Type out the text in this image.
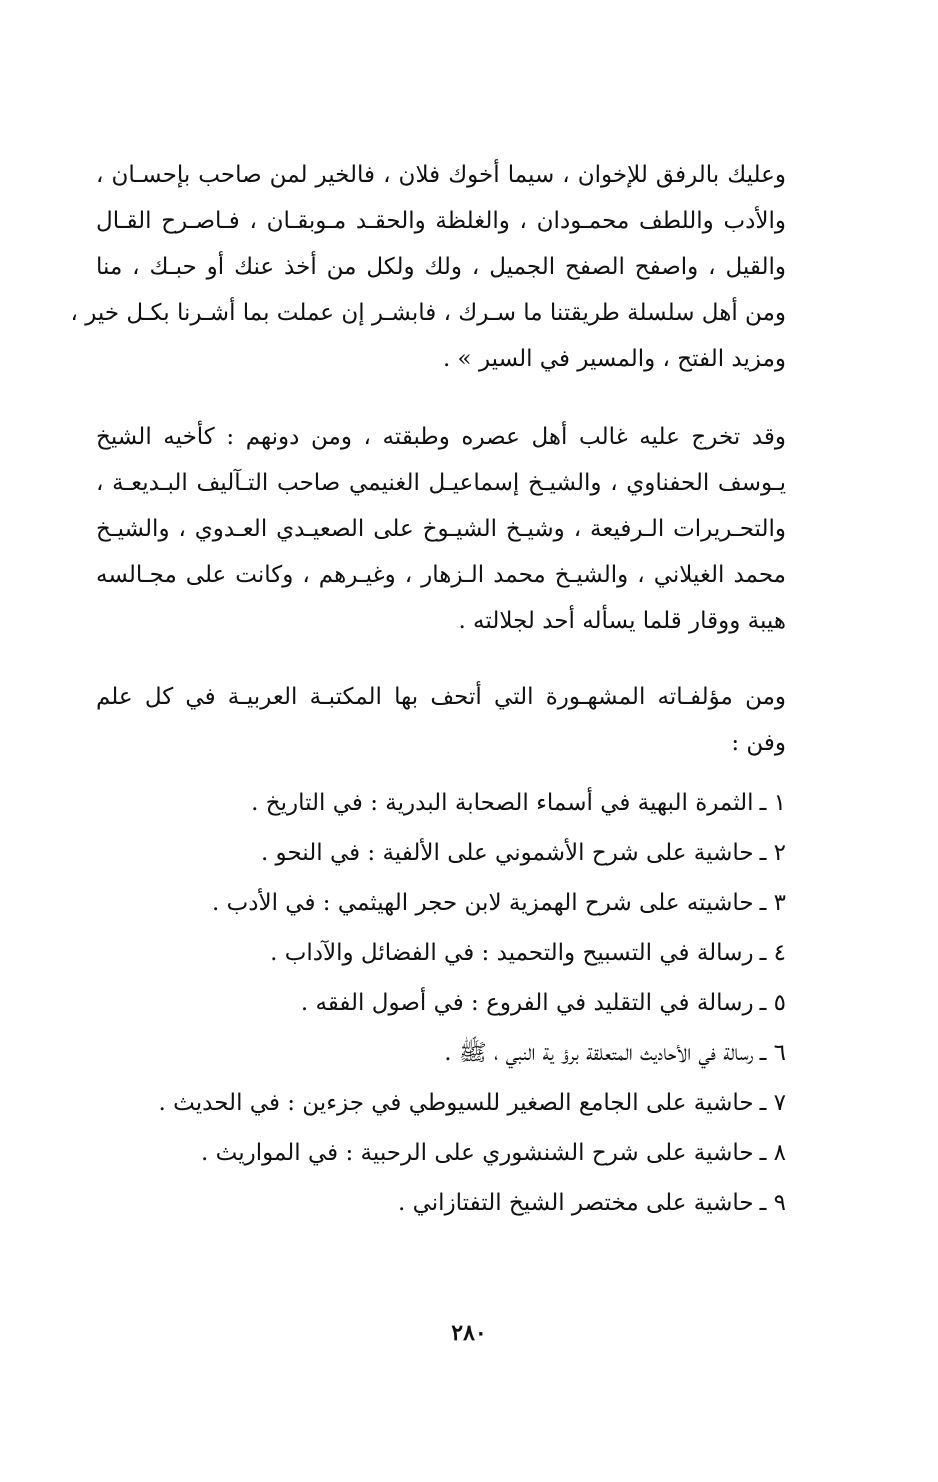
وعليك بالرفق للإخوان ، سيما أخوك فلان ، فالخير لمن صاحب بإحسـان ،
والأدب واللطف محمـودان ، والغلظة والحقـد مـوبقـان ، فـاصـرح القـال
والقيل ، واصفح الصفح الجميل ، ولك ولكل من أخذ عنك أو حبـك ، منا
ومن أهل سلسلة طريقتنا ما سـرك ، فابشـر إن عملت بما أشـرنا بكـل خير ،
ومزيد الفتح ، والمسير في السير » .

وقد تخرج عليه غالب أهل عصره وطبقته ، ومن دونهم : كأخيه الشيخ
يـوسف الحفناوي ، والشيـخ إسماعيـل الغنيمي صاحب التـآليف البـديعـة ،
والتحـريرات الـرفيعة ، وشيـخ الشيـوخ على الصعيـدي العـدوي ، والشيـخ
محمد الغيلاني ، والشيـخ محمد الـزهار ، وغيـرهم ، وكانت على مجـالسه
هيبة ووقار قلما يسأله أحد لجلالته .

ومن مؤلفـاته المشهـورة التي أتحف بها المكتبـة العربيـة في كل علم
وفن :

١ ـالثمرة البهية في أسماء الصحابة البدرية : في التاريخ .
٢ ـحاشية على شرح الأشموني على الألفية : في النحو .
٣ ـحاشيته على شرح الهمزية لابن حجر الهيثمي : في الأدب .
٤ ـرسالة في التسبيح والتحميد : في الفضائل والآداب .
٥ ـرسالة في التقليد في الفروع : في أصول الفقه .
٦ ـرسالة في الأحاديث المتعلقة برؤ ية النبي ، ﷺ .
٧ ـحاشية على الجامع الصغير للسيوطي في جزءين : في الحديث .
٨ ـحاشية على شرح الشنشوري على الرحبية : في المواريث .
٩ ـحاشية على مختصر الشيخ التفتازاني .
٢٨٠
